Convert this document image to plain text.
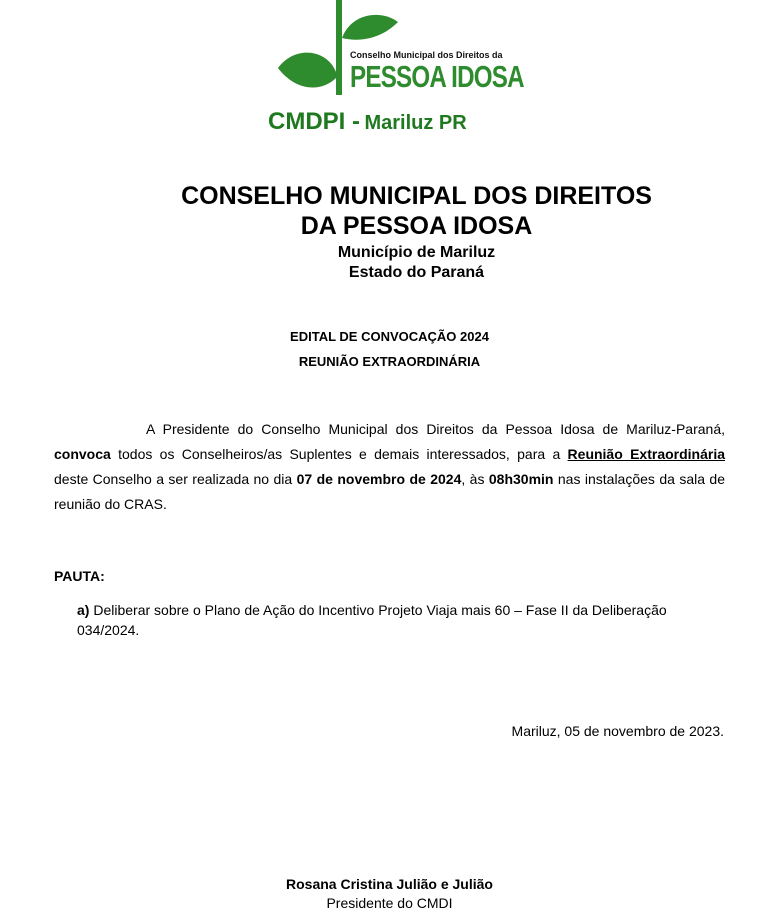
Conselho Municipal dos Direitos da
PESSOA IDOSA
CMDPI - Mariluz PR
CONSELHO MUNICIPAL DOS DIREITOS
DA PESSOA IDOSA
Município de Mariluz
Estado do Paraná
EDITAL DE CONVOCAÇÃO 2024
REUNIÃO EXTRAORDINÁRIA
A Presidente do Conselho Municipal dos Direitos da Pessoa Idosa de Mariluz-Paraná, convoca todos os Conselheiros/as Suplentes e demais interessados, para a Reunião Extraordinária deste Conselho a ser realizada no dia 07 de novembro de 2024, às 08h30min nas instalações da sala de reunião do CRAS.
PAUTA:
a) Deliberar sobre o Plano de Ação do Incentivo Projeto Viaja mais 60 – Fase II da Deliberação 034/2024.
Mariluz, 05 de novembro de 2023.
Rosana Cristina Julião e Julião
Presidente do CMDI
